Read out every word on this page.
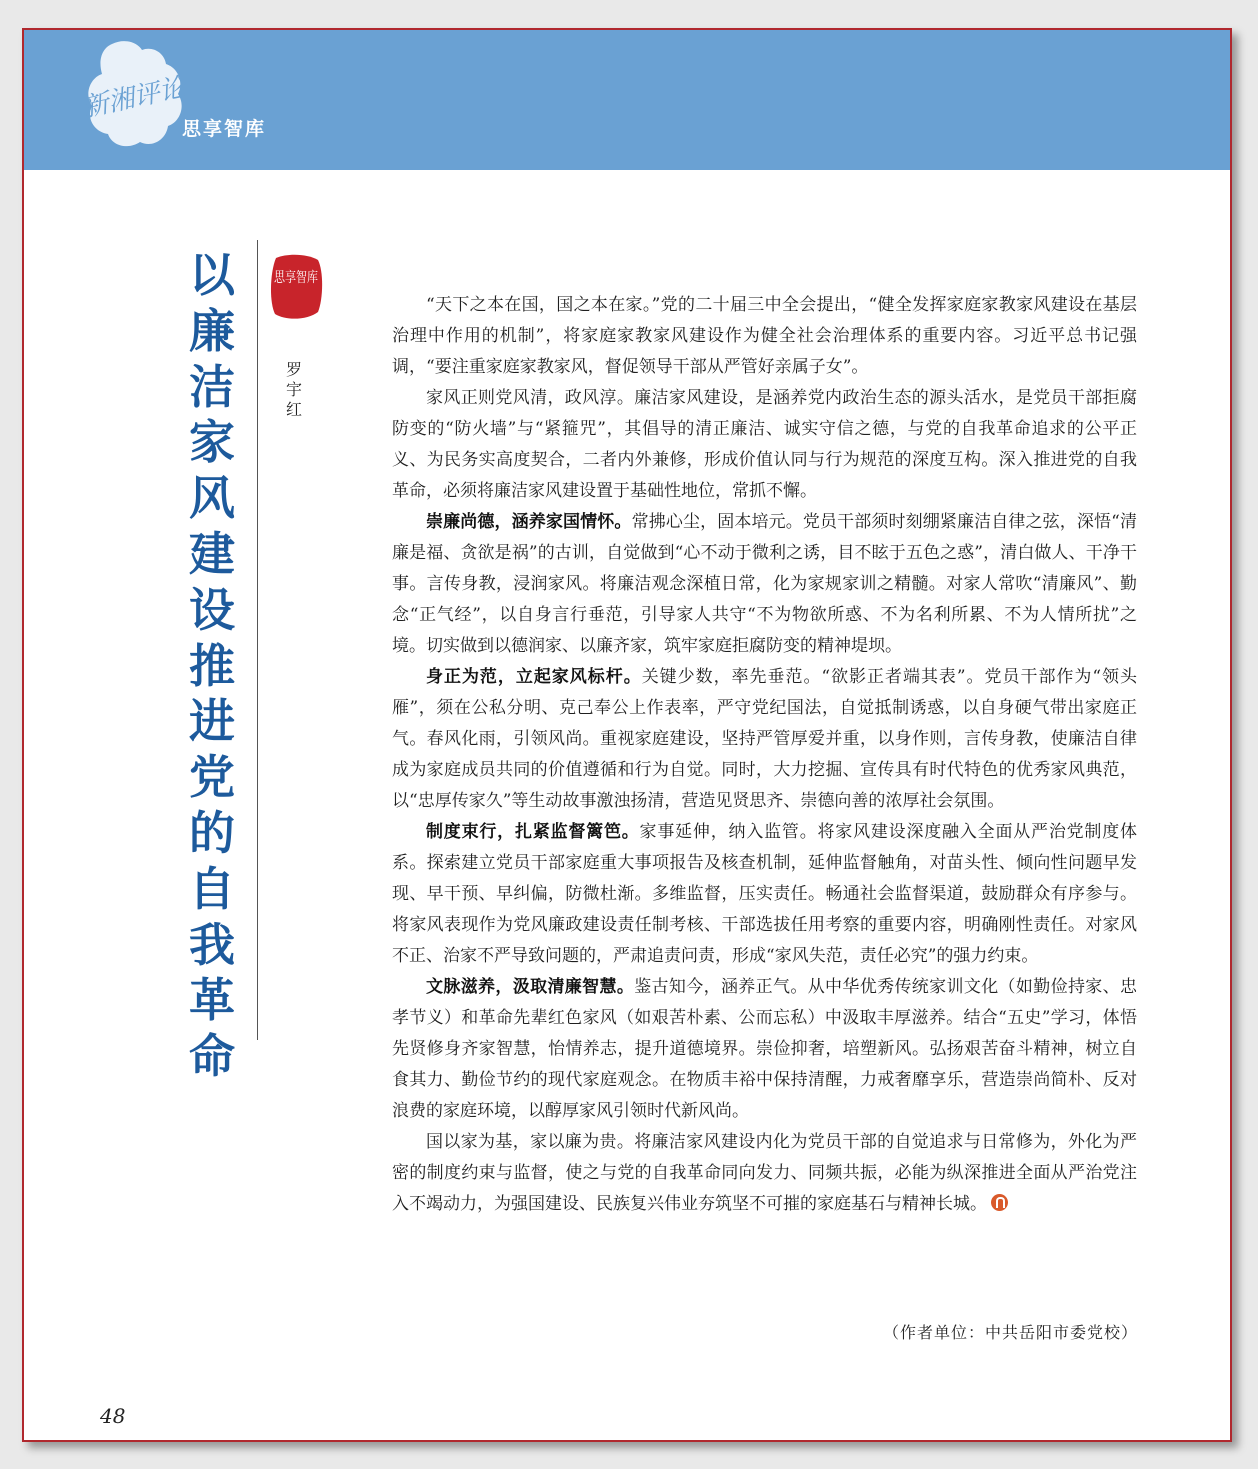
新湘评论
思享智库
以
廉
洁
家
风
建
设
推
进
党
的
自
我
革
命
思享智库
罗
宇
红

“天下之本在国，国之本在家。”党的二十届三中全会提出，“健全发挥家庭家教家风建设在基层治理中作用的机制”，将家庭家教家风建设作为健全社会治理体系的重要内容。习近平总书记强调，“要注重家庭家教家风，督促领导干部从严管好亲属子女”。

家风正则党风清，政风淳。廉洁家风建设，是涵养党内政治生态的源头活水，是党员干部拒腐防变的“防火墙”与“紧箍咒”，其倡导的清正廉洁、诚实守信之德，与党的自我革命追求的公平正义、为民务实高度契合，二者内外兼修，形成价值认同与行为规范的深度互构。深入推进党的自我革命，必须将廉洁家风建设置于基础性地位，常抓不懈。

崇廉尚德，涵养家国情怀。常拂心尘，固本培元。党员干部须时刻绷紧廉洁自律之弦，深悟“清廉是福、贪欲是祸”的古训，自觉做到“心不动于微利之诱，目不眩于五色之惑”，清白做人、干净干事。言传身教，浸润家风。将廉洁观念深植日常，化为家规家训之精髓。对家人常吹“清廉风”、勤念“正气经”，以自身言行垂范，引导家人共守“不为物欲所惑、不为名利所累、不为人情所扰”之境。切实做到以德润家、以廉齐家，筑牢家庭拒腐防变的精神堤坝。

身正为范，立起家风标杆。关键少数，率先垂范。“欲影正者端其表”。党员干部作为“领头雁”，须在公私分明、克己奉公上作表率，严守党纪国法，自觉抵制诱惑，以自身硬气带出家庭正气。春风化雨，引领风尚。重视家庭建设，坚持严管厚爱并重，以身作则，言传身教，使廉洁自律成为家庭成员共同的价值遵循和行为自觉。同时，大力挖掘、宣传具有时代特色的优秀家风典范，以“忠厚传家久”等生动故事激浊扬清，营造见贤思齐、崇德向善的浓厚社会氛围。

制度束行，扎紧监督篱笆。家事延伸，纳入监管。将家风建设深度融入全面从严治党制度体系。探索建立党员干部家庭重大事项报告及核查机制，延伸监督触角，对苗头性、倾向性问题早发现、早干预、早纠偏，防微杜渐。多维监督，压实责任。畅通社会监督渠道，鼓励群众有序参与。将家风表现作为党风廉政建设责任制考核、干部选拔任用考察的重要内容，明确刚性责任。对家风不正、治家不严导致问题的，严肃追责问责，形成“家风失范，责任必究”的强力约束。

文脉滋养，汲取清廉智慧。鉴古知今，涵养正气。从中华优秀传统家训文化（如勤俭持家、忠孝节义）和革命先辈红色家风（如艰苦朴素、公而忘私）中汲取丰厚滋养。结合“五史”学习，体悟先贤修身齐家智慧，怡情养志，提升道德境界。崇俭抑奢，培塑新风。弘扬艰苦奋斗精神，树立自食其力、勤俭节约的现代家庭观念。在物质丰裕中保持清醒，力戒奢靡享乐，营造崇尚简朴、反对浪费的家庭环境，以醇厚家风引领时代新风尚。

国以家为基，家以廉为贵。将廉洁家风建设内化为党员干部的自觉追求与日常修为，外化为严密的制度约束与监督，使之与党的自我革命同向发力、同频共振，必能为纵深推进全面从严治党注入不竭动力，为强国建设、民族复兴伟业夯筑坚不可摧的家庭基石与精神长城。

（作者单位：中共岳阳市委党校）
48
